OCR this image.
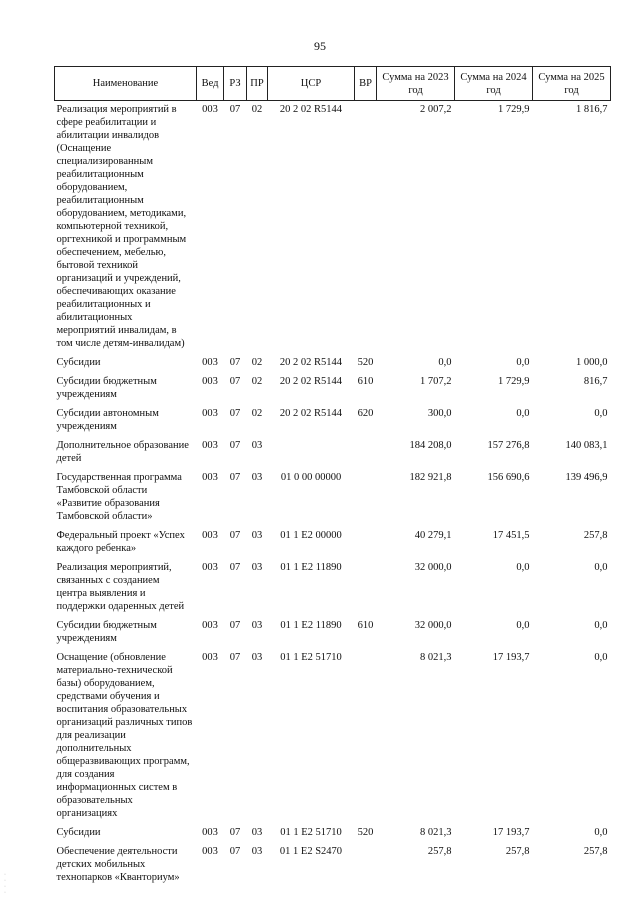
95
Наименование	Вед	РЗ	ПР	ЦСР	ВР	Сумма на 2023 год	Сумма на 2024 год	Сумма на 2025 год
Реализация мероприятий в сфере реабилитации и абилитации инвалидов (Оснащение специализированным реабилитационным оборудованием, реабилитационным оборудованием, методиками, компьютерной техникой, оргтехникой и программным обеспечением, мебелью, бытовой техникой организаций и учреждений, обеспечивающих оказание реабилитационных и абилитационных мероприятий инвалидам, в том числе детям-инвалидам)	003	07	02	20 2 02 R5144		2 007,2	1 729,9	1 816,7
Субсидии	003	07	02	20 2 02 R5144	520	0,0	0,0	1 000,0
Субсидии бюджетным учреждениям	003	07	02	20 2 02 R5144	610	1 707,2	1 729,9	816,7
Субсидии автономным учреждениям	003	07	02	20 2 02 R5144	620	300,0	0,0	0,0
Дополнительное образование детей	003	07	03			184 208,0	157 276,8	140 083,1
Государственная программа Тамбовской области «Развитие образования Тамбовской области»	003	07	03	01 0 00 00000		182 921,8	156 690,6	139 496,9
Федеральный проект «Успех каждого ребенка»	003	07	03	01 1 E2 00000		40 279,1	17 451,5	257,8
Реализация мероприятий, связанных с созданием центра выявления и поддержки одаренных детей	003	07	03	01 1 E2 11890		32 000,0	0,0	0,0
Субсидии бюджетным учреждениям	003	07	03	01 1 E2 11890	610	32 000,0	0,0	0,0
Оснащение (обновление материально-технической базы) оборудованием, средствами обучения и воспитания образовательных организаций различных типов для реализации дополнительных общеразвивающих программ, для создания информационных систем в образовательных организациях	003	07	03	01 1 E2 51710		8 021,3	17 193,7	0,0
Субсидии	003	07	03	01 1 E2 51710	520	8 021,3	17 193,7	0,0
Обеспечение деятельности детских мобильных технопарков «Кванториум»	003	07	03	01 1 E2 S2470		257,8	257,8	257,8
·
·
·
·
